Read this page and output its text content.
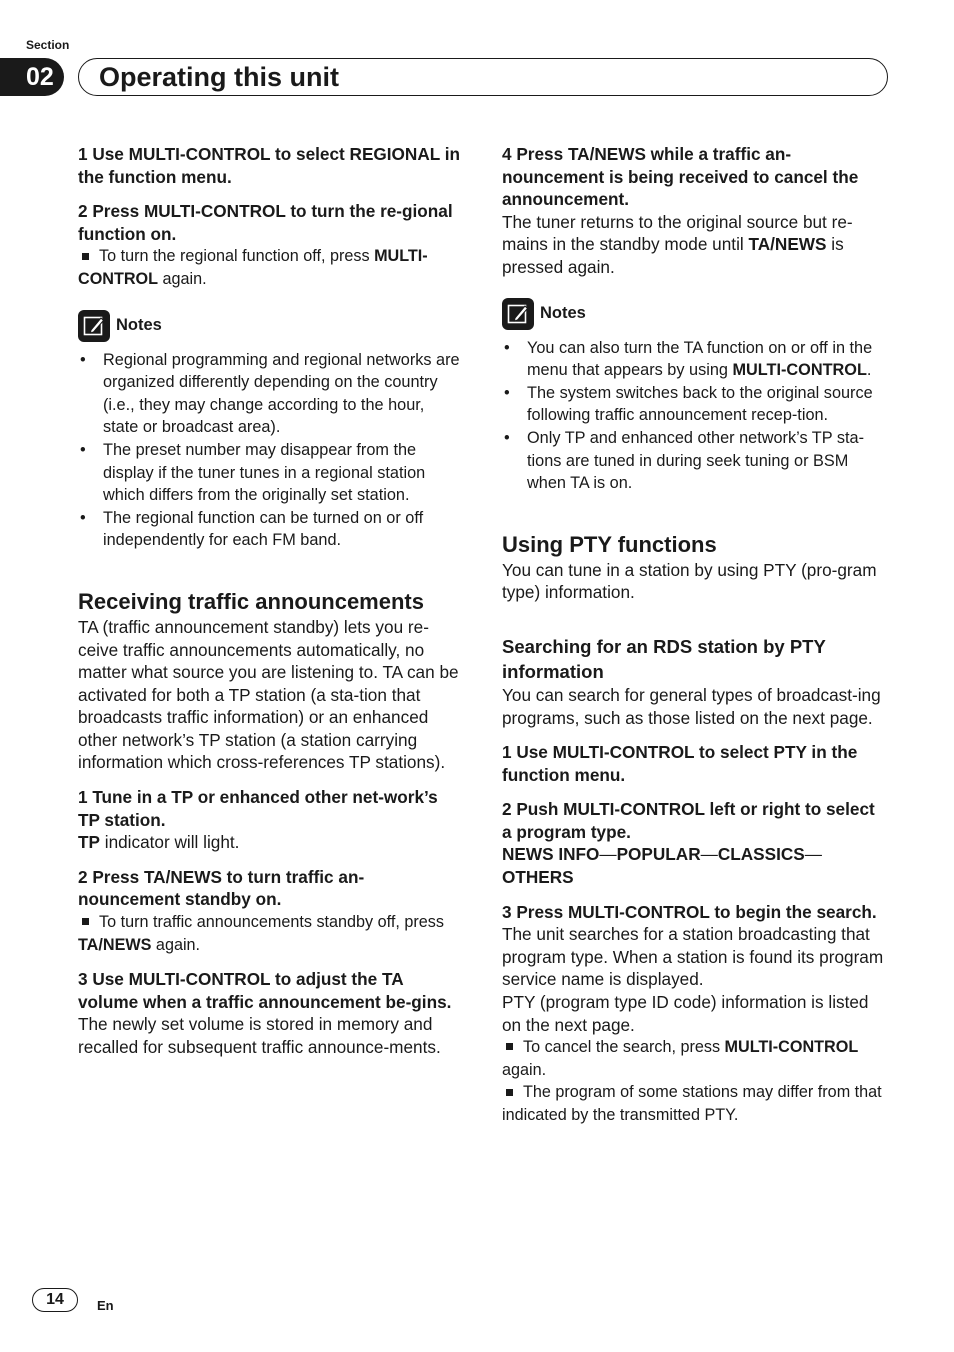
Section
02	Operating this unit

1 Use MULTI-CONTROL to select REGIONAL in the function menu.

2 Press MULTI-CONTROL to turn the re-gional function on.

To turn the regional function off, press MULTI-CONTROL again.

Notes
• Regional programming and regional networks are organized differently depending on the country (i.e., they may change according to the hour, state or broadcast area).
• The preset number may disappear from the display if the tuner tunes in a regional station which differs from the originally set station.
• The regional function can be turned on or off independently for each FM band.
Receiving traffic announcements

TA (traffic announcement standby) lets you re-ceive traffic announcements automatically, no matter what source you are listening to. TA can be activated for both a TP station (a sta-tion that broadcasts traffic information) or an enhanced other network’s TP station (a station carrying information which cross-references TP stations).

1 Tune in a TP or enhanced other net-work’s TP station.

TP indicator will light.

2 Press TA/NEWS to turn traffic an-nouncement standby on.

To turn traffic announcements standby off, press TA/NEWS again.

3 Use MULTI-CONTROL to adjust the TA volume when a traffic announcement be-gins.

The newly set volume is stored in memory and recalled for subsequent traffic announce-ments.

4 Press TA/NEWS while a traffic an-nouncement is being received to cancel the announcement.

The tuner returns to the original source but re-mains in the standby mode until TA/NEWS is pressed again.

Notes
• You can also turn the TA function on or off in the menu that appears by using MULTI-CONTROL.
• The system switches back to the original source following traffic announcement recep-tion.
• Only TP and enhanced other network’s TP sta-tions are tuned in during seek tuning or BSM when TA is on.
Using PTY functions

You can tune in a station by using PTY (pro-gram type) information.

Searching for an RDS station by PTY information

You can search for general types of broadcast-ing programs, such as those listed on the next page.

1 Use MULTI-CONTROL to select PTY in the function menu.

2 Push MULTI-CONTROL left or right to select a program type.

NEWS INFO—POPULAR—CLASSICS—
OTHERS

3 Press MULTI-CONTROL to begin the search.

The unit searches for a station broadcasting that program type. When a station is found its program service name is displayed.

PTY (program type ID code) information is listed on the next page.

To cancel the search, press MULTI-CONTROL again.

The program of some stations may differ from that indicated by the transmitted PTY.

14	En
